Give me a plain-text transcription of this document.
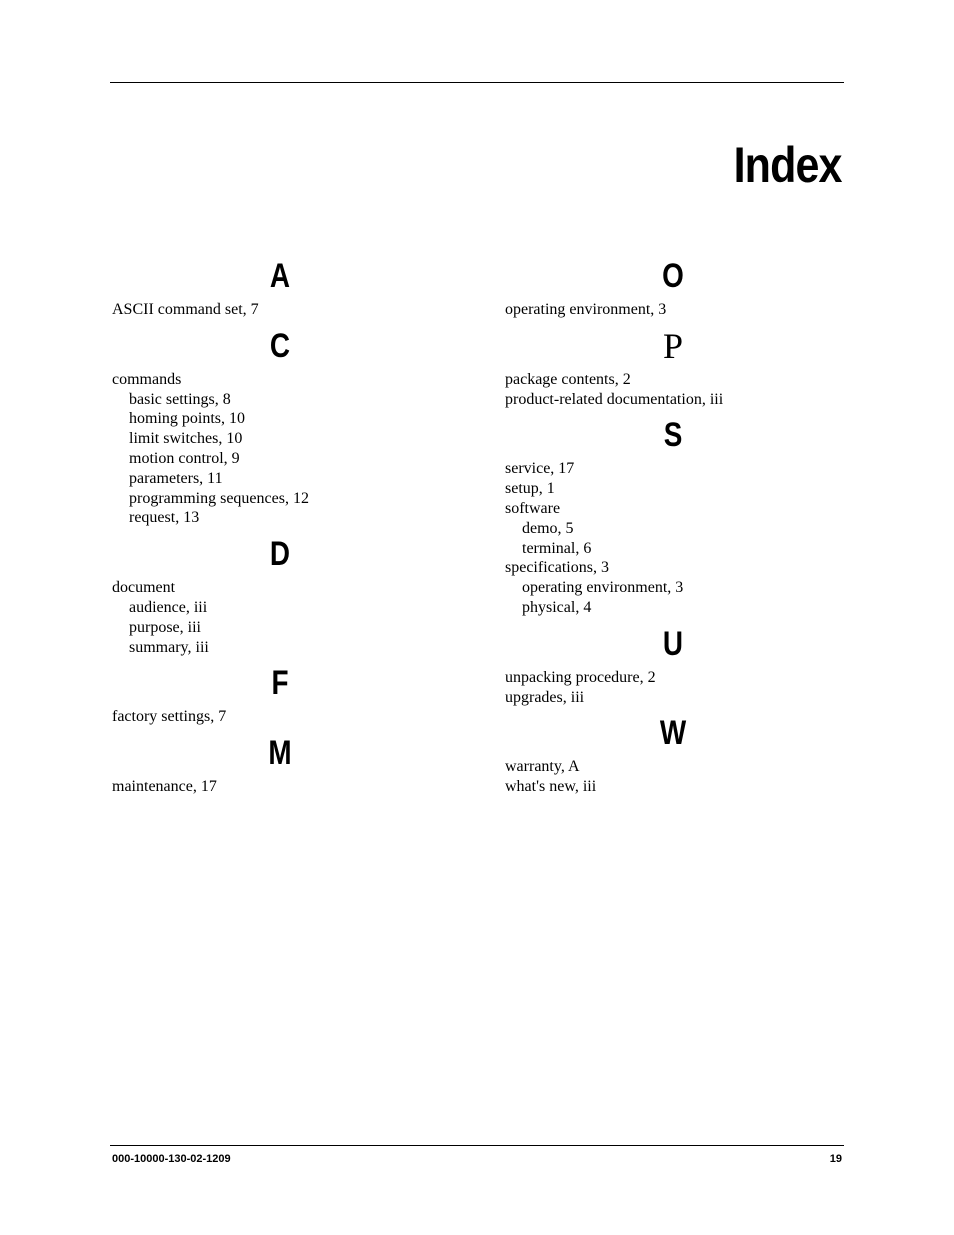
Index
A
ASCII command set, 7
C
commands
basic settings, 8
homing points, 10
limit switches, 10
motion control, 9
parameters, 11
programming sequences, 12
request, 13
D
document
audience, iii
purpose, iii
summary, iii
F
factory settings, 7
M
maintenance, 17
O
operating environment, 3
P
package contents, 2
product-related documentation, iii
S
service, 17
setup, 1
software
demo, 5
terminal, 6
specifications, 3
operating environment, 3
physical, 4
U
unpacking procedure, 2
upgrades, iii
W
warranty, A
what's new, iii
000-10000-130-02-1209	19
